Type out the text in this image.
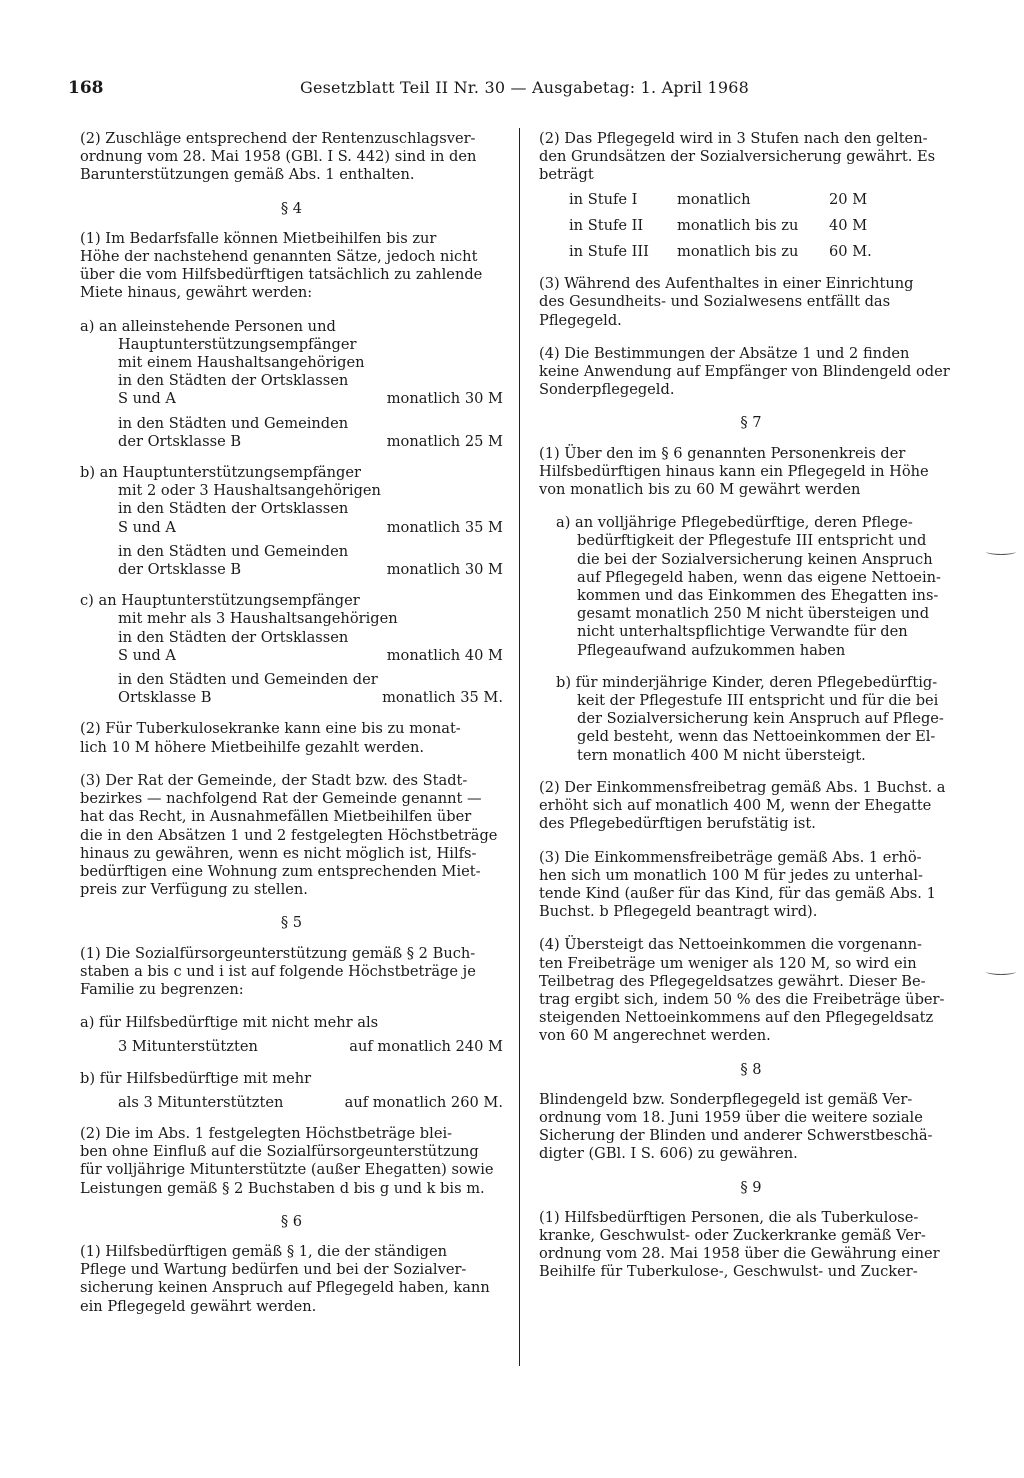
168	Gesetzblatt Teil II Nr. 30 — Ausgabetag: 1. April 1968

(2) Zuschläge entsprechend der Rentenzuschlagsver-
ordnung vom 28. Mai 1958 (GBl. I S. 442) sind in den
Barunterstützungen gemäß Abs. 1 enthalten.

§ 4

(1) Im Bedarfsfalle können Mietbeihilfen bis zur
Höhe der nachstehend genannten Sätze, jedoch nicht
über die vom Hilfsbedürftigen tatsächlich zu zahlende
Miete hinaus, gewährt werden:

a) an alleinstehende Personen und
Hauptunterstützungsempfänger
mit einem Haushaltsangehörigen
in den Städten der Ortsklassen
S und A	monatlich 30 M
in den Städten und Gemeinden
der Ortsklasse B	monatlich 25 M
b) an Hauptunterstützungsempfänger
mit 2 oder 3 Haushaltsangehörigen
in den Städten der Ortsklassen
S und A	monatlich 35 M
in den Städten und Gemeinden
der Ortsklasse B	monatlich 30 M
c) an Hauptunterstützungsempfänger
mit mehr als 3 Haushaltsangehörigen
in den Städten der Ortsklassen
S und A	monatlich 40 M
in den Städten und Gemeinden der
Ortsklasse B	monatlich 35 M.

(2) Für Tuberkulosekranke kann eine bis zu monat-
lich 10 M höhere Mietbeihilfe gezahlt werden.

(3) Der Rat der Gemeinde, der Stadt bzw. des Stadt-
bezirkes — nachfolgend Rat der Gemeinde genannt —
hat das Recht, in Ausnahmefällen Mietbeihilfen über
die in den Absätzen 1 und 2 festgelegten Höchstbeträge
hinaus zu gewähren, wenn es nicht möglich ist, Hilfs-
bedürftigen eine Wohnung zum entsprechenden Miet-
preis zur Verfügung zu stellen.

§ 5

(1) Die Sozialfürsorgeunterstützung gemäß § 2 Buch-
staben a bis c und i ist auf folgende Höchstbeträge je
Familie zu begrenzen:

a) für Hilfsbedürftige mit nicht mehr als
3 Mitunterstützten	auf monatlich 240 M
b) für Hilfsbedürftige mit mehr
als 3 Mitunterstützten	auf monatlich 260 M.

(2) Die im Abs. 1 festgelegten Höchstbeträge blei-
ben ohne Einfluß auf die Sozialfürsorgeunterstützung
für volljährige Mitunterstützte (außer Ehegatten) sowie
Leistungen gemäß § 2 Buchstaben d bis g und k bis m.

§ 6

(1) Hilfsbedürftigen gemäß § 1, die der ständigen
Pflege und Wartung bedürfen und bei der Sozialver-
sicherung keinen Anspruch auf Pflegegeld haben, kann
ein Pflegegeld gewährt werden.

(2) Das Pflegegeld wird in 3 Stufen nach den gelten-
den Grundsätzen der Sozialversicherung gewährt. Es
beträgt

in Stufe I	monatlich	20 M
in Stufe II	monatlich bis zu	40 M
in Stufe III	monatlich bis zu	60 M.

(3) Während des Aufenthaltes in einer Einrichtung
des Gesundheits- und Sozialwesens entfällt das
Pflegegeld.

(4) Die Bestimmungen der Absätze 1 und 2 finden
keine Anwendung auf Empfänger von Blindengeld oder
Sonderpflegegeld.

§ 7

(1) Über den im § 6 genannten Personenkreis der
Hilfsbedürftigen hinaus kann ein Pflegegeld in Höhe
von monatlich bis zu 60 M gewährt werden

a) an volljährige Pflegebedürftige, deren Pflege-
bedürftigkeit der Pflegestufe III entspricht und
die bei der Sozialversicherung keinen Anspruch
auf Pflegegeld haben, wenn das eigene Nettoein-
kommen und das Einkommen des Ehegatten ins-
gesamt monatlich 250 M nicht übersteigen und
nicht unterhaltspflichtige Verwandte für den
Pflegeaufwand aufzukommen haben

b) für minderjährige Kinder, deren Pflegebedürftig-
keit der Pflegestufe III entspricht und für die bei
der Sozialversicherung kein Anspruch auf Pflege-
geld besteht, wenn das Nettoeinkommen der El-
tern monatlich 400 M nicht übersteigt.

(2) Der Einkommensfreibetrag gemäß Abs. 1 Buchst. a
erhöht sich auf monatlich 400 M, wenn der Ehegatte
des Pflegebedürftigen berufstätig ist.

(3) Die Einkommensfreibeträge gemäß Abs. 1 erhö-
hen sich um monatlich 100 M für jedes zu unterhal-
tende Kind (außer für das Kind, für das gemäß Abs. 1
Buchst. b Pflegegeld beantragt wird).

(4) Übersteigt das Nettoeinkommen die vorgenann-
ten Freibeträge um weniger als 120 M, so wird ein
Teilbetrag des Pflegegeldsatzes gewährt. Dieser Be-
trag ergibt sich, indem 50 % des die Freibeträge über-
steigenden Nettoeinkommens auf den Pflegegeldsatz
von 60 M angerechnet werden.

§ 8

Blindengeld bzw. Sonderpflegegeld ist gemäß Ver-
ordnung vom 18. Juni 1959 über die weitere soziale
Sicherung der Blinden und anderer Schwerstbeschä-
digter (GBl. I S. 606) zu gewähren.

§ 9

(1) Hilfsbedürftigen Personen, die als Tuberkulose-
kranke, Geschwulst- oder Zuckerkranke gemäß Ver-
ordnung vom 28. Mai 1958 über die Gewährung einer
Beihilfe für Tuberkulose-, Geschwulst- und Zucker-
